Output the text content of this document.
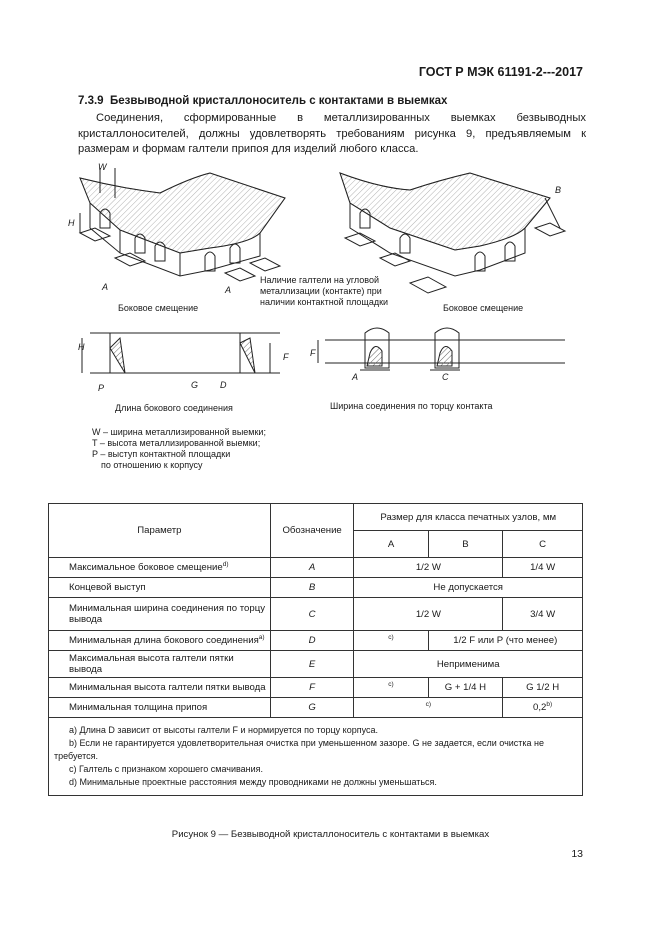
ГОСТ Р МЭК 61191-2---2017
7.3.9 Безвыводной кристаллоноситель с контактами в выемках
Соединения, сформированные в металлизированных выемках безвыводных кристаллоносителей, должны удовлетворять требованиям рисунка 9, предъявляемым к размерам и формам галтели припоя для изделий любого класса.
W
H
A	A
Боковое смещение
B
Боковое смещение
Наличие галтели на угловой
металлизации (контакте) при
наличии контактной площадки
H
F
P	G D
Длина бокового соединения
F
A	C
Ширина соединения по торцу контакта
W – ширина металлизированной выемки;
T – высота металлизированной выемки;
P – выступ контактной площадки
по отношению к корпусу
Параметр	Обозначение	Размер для класса печатных узлов, мм		
		A	B	C
Максимальное боковое смещение$^{d)}$	A	1/2 W		1/4 W
Концевой выступ	B	Не допускается		
Минимальная ширина соединения по торцу вывода	C	1/2 W		3/4 W
Минимальная длина бокового соединения$^{a)}$	D	$^{c)}$	1/2 F или P (что менее)	
Максимальная высота галтели пятки вывода	E	Неприменима		
Минимальная высота галтели пятки вывода	F	$^{c)}$	G + 1/4 H	G 1/2 H
Минимальная толщина припоя	G	$^{c)}$		0,2$^{b)}$

a) Длина D зависит от высоты галтели F и нормируется по торцу корпуса.
b) Если не гарантируется удовлетворительная очистка при уменьшенном зазоре. G не задается, если очистка не требуется.
c) Галтель с признаком хорошего смачивания.
d) Минимальные проектные расстояния между проводниками не должны уменьшаться.				
Рисунок 9 — Безвыводной кристаллоноситель с контактами в выемках
13
